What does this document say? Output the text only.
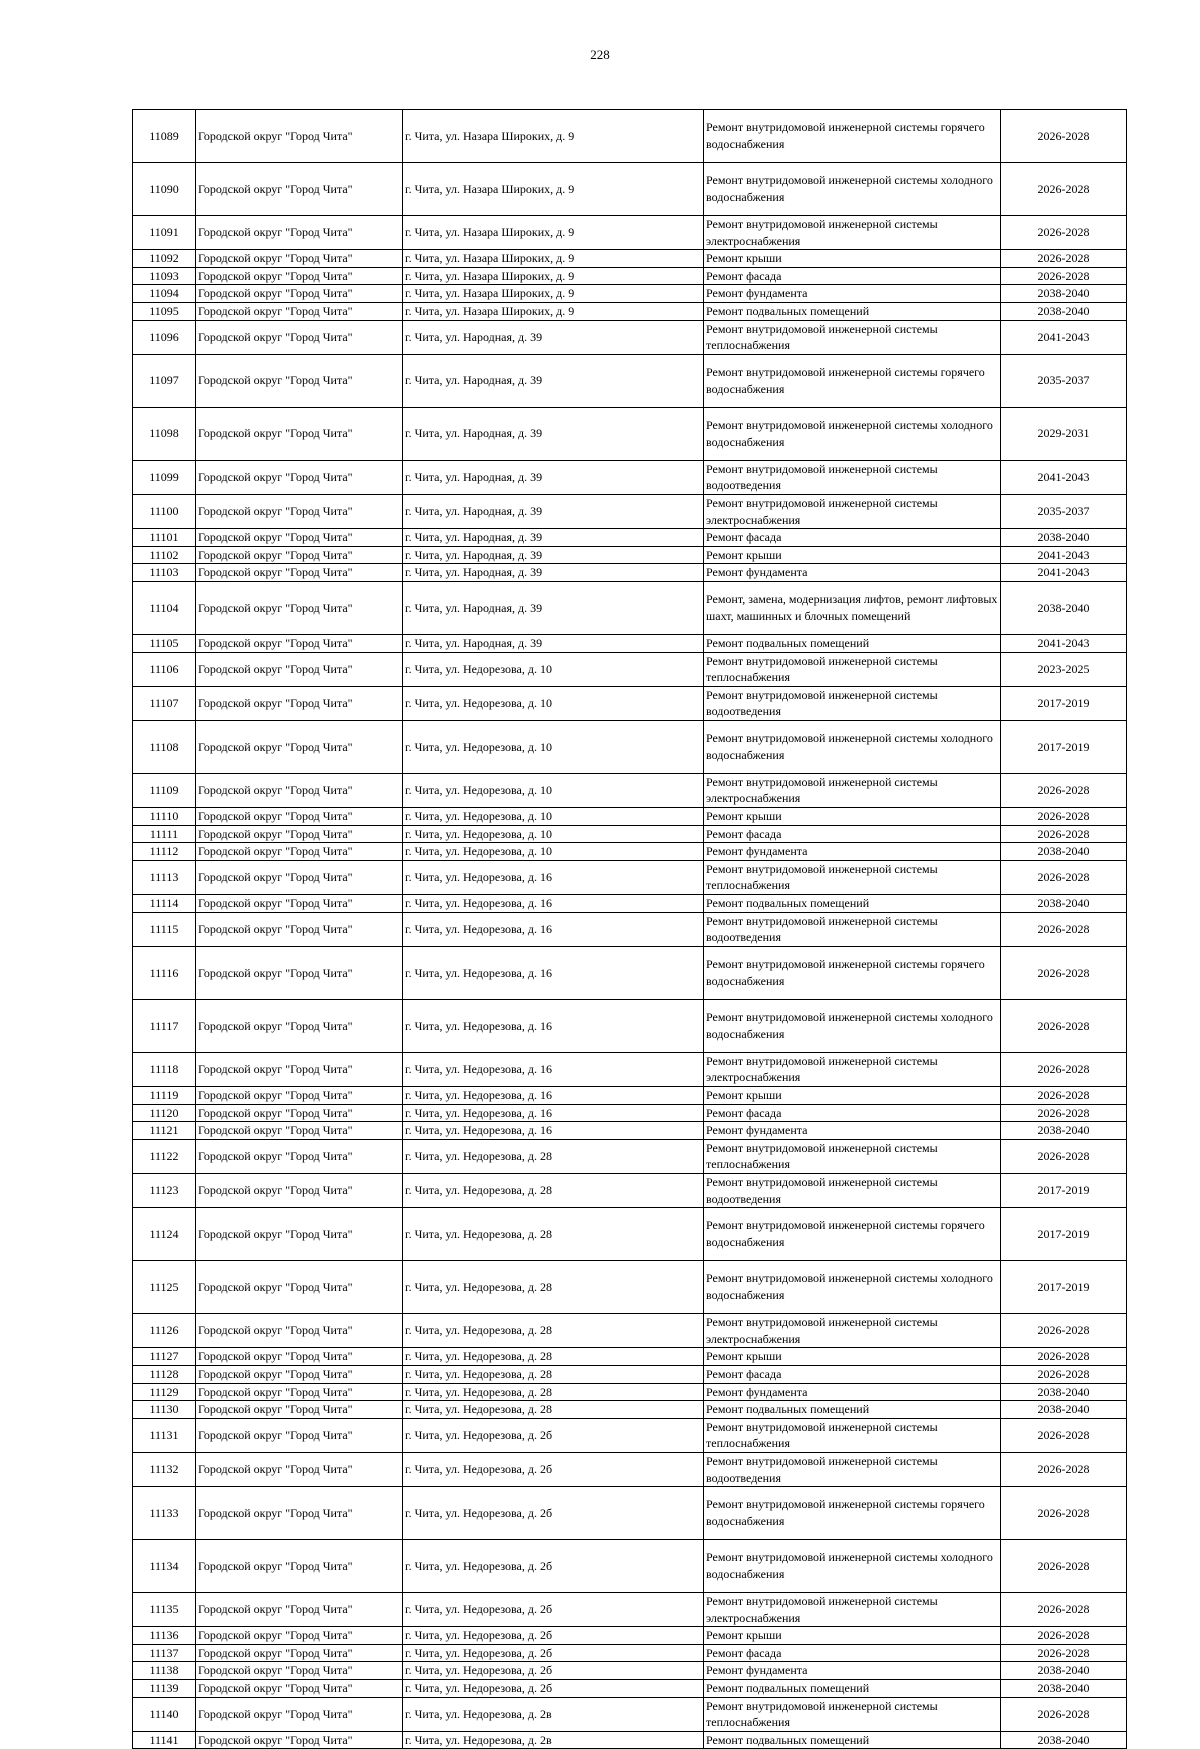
228
11089	Городской округ "Город Чита"	г. Чита, ул. Назара Широких, д. 9	Ремонт внутридомовой инженерной системы горячего водоснабжения	2026-2028
11090	Городской округ "Город Чита"	г. Чита, ул. Назара Широких, д. 9	Ремонт внутридомовой инженерной системы холодного водоснабжения	2026-2028
11091	Городской округ "Город Чита"	г. Чита, ул. Назара Широких, д. 9	Ремонт внутридомовой инженерной системы электроснабжения	2026-2028
11092	Городской округ "Город Чита"	г. Чита, ул. Назара Широких, д. 9	Ремонт крыши	2026-2028
11093	Городской округ "Город Чита"	г. Чита, ул. Назара Широких, д. 9	Ремонт фасада	2026-2028
11094	Городской округ "Город Чита"	г. Чита, ул. Назара Широких, д. 9	Ремонт фундамента	2038-2040
11095	Городской округ "Город Чита"	г. Чита, ул. Назара Широких, д. 9	Ремонт подвальных помещений	2038-2040
11096	Городской округ "Город Чита"	г. Чита, ул. Народная, д. 39	Ремонт внутридомовой инженерной системы теплоснабжения	2041-2043
11097	Городской округ "Город Чита"	г. Чита, ул. Народная, д. 39	Ремонт внутридомовой инженерной системы горячего водоснабжения	2035-2037
11098	Городской округ "Город Чита"	г. Чита, ул. Народная, д. 39	Ремонт внутридомовой инженерной системы холодного водоснабжения	2029-2031
11099	Городской округ "Город Чита"	г. Чита, ул. Народная, д. 39	Ремонт внутридомовой инженерной системы водоотведения	2041-2043
11100	Городской округ "Город Чита"	г. Чита, ул. Народная, д. 39	Ремонт внутридомовой инженерной системы электроснабжения	2035-2037
11101	Городской округ "Город Чита"	г. Чита, ул. Народная, д. 39	Ремонт фасада	2038-2040
11102	Городской округ "Город Чита"	г. Чита, ул. Народная, д. 39	Ремонт крыши	2041-2043
11103	Городской округ "Город Чита"	г. Чита, ул. Народная, д. 39	Ремонт фундамента	2041-2043
11104	Городской округ "Город Чита"	г. Чита, ул. Народная, д. 39	Ремонт, замена, модернизация лифтов, ремонт лифтовых шахт, машинных и блочных помещений	2038-2040
11105	Городской округ "Город Чита"	г. Чита, ул. Народная, д. 39	Ремонт подвальных помещений	2041-2043
11106	Городской округ "Город Чита"	г. Чита, ул. Недорезова, д. 10	Ремонт внутридомовой инженерной системы теплоснабжения	2023-2025
11107	Городской округ "Город Чита"	г. Чита, ул. Недорезова, д. 10	Ремонт внутридомовой инженерной системы водоотведения	2017-2019
11108	Городской округ "Город Чита"	г. Чита, ул. Недорезова, д. 10	Ремонт внутридомовой инженерной системы холодного водоснабжения	2017-2019
11109	Городской округ "Город Чита"	г. Чита, ул. Недорезова, д. 10	Ремонт внутридомовой инженерной системы электроснабжения	2026-2028
11110	Городской округ "Город Чита"	г. Чита, ул. Недорезова, д. 10	Ремонт крыши	2026-2028
11111	Городской округ "Город Чита"	г. Чита, ул. Недорезова, д. 10	Ремонт фасада	2026-2028
11112	Городской округ "Город Чита"	г. Чита, ул. Недорезова, д. 10	Ремонт фундамента	2038-2040
11113	Городской округ "Город Чита"	г. Чита, ул. Недорезова, д. 16	Ремонт внутридомовой инженерной системы теплоснабжения	2026-2028
11114	Городской округ "Город Чита"	г. Чита, ул. Недорезова, д. 16	Ремонт подвальных помещений	2038-2040
11115	Городской округ "Город Чита"	г. Чита, ул. Недорезова, д. 16	Ремонт внутридомовой инженерной системы водоотведения	2026-2028
11116	Городской округ "Город Чита"	г. Чита, ул. Недорезова, д. 16	Ремонт внутридомовой инженерной системы горячего водоснабжения	2026-2028
11117	Городской округ "Город Чита"	г. Чита, ул. Недорезова, д. 16	Ремонт внутридомовой инженерной системы холодного водоснабжения	2026-2028
11118	Городской округ "Город Чита"	г. Чита, ул. Недорезова, д. 16	Ремонт внутридомовой инженерной системы электроснабжения	2026-2028
11119	Городской округ "Город Чита"	г. Чита, ул. Недорезова, д. 16	Ремонт крыши	2026-2028
11120	Городской округ "Город Чита"	г. Чита, ул. Недорезова, д. 16	Ремонт фасада	2026-2028
11121	Городской округ "Город Чита"	г. Чита, ул. Недорезова, д. 16	Ремонт фундамента	2038-2040
11122	Городской округ "Город Чита"	г. Чита, ул. Недорезова, д. 28	Ремонт внутридомовой инженерной системы теплоснабжения	2026-2028
11123	Городской округ "Город Чита"	г. Чита, ул. Недорезова, д. 28	Ремонт внутридомовой инженерной системы водоотведения	2017-2019
11124	Городской округ "Город Чита"	г. Чита, ул. Недорезова, д. 28	Ремонт внутридомовой инженерной системы горячего водоснабжения	2017-2019
11125	Городской округ "Город Чита"	г. Чита, ул. Недорезова, д. 28	Ремонт внутридомовой инженерной системы холодного водоснабжения	2017-2019
11126	Городской округ "Город Чита"	г. Чита, ул. Недорезова, д. 28	Ремонт внутридомовой инженерной системы электроснабжения	2026-2028
11127	Городской округ "Город Чита"	г. Чита, ул. Недорезова, д. 28	Ремонт крыши	2026-2028
11128	Городской округ "Город Чита"	г. Чита, ул. Недорезова, д. 28	Ремонт фасада	2026-2028
11129	Городской округ "Город Чита"	г. Чита, ул. Недорезова, д. 28	Ремонт фундамента	2038-2040
11130	Городской округ "Город Чита"	г. Чита, ул. Недорезова, д. 28	Ремонт подвальных помещений	2038-2040
11131	Городской округ "Город Чита"	г. Чита, ул. Недорезова, д. 2б	Ремонт внутридомовой инженерной системы теплоснабжения	2026-2028
11132	Городской округ "Город Чита"	г. Чита, ул. Недорезова, д. 2б	Ремонт внутридомовой инженерной системы водоотведения	2026-2028
11133	Городской округ "Город Чита"	г. Чита, ул. Недорезова, д. 2б	Ремонт внутридомовой инженерной системы горячего водоснабжения	2026-2028
11134	Городской округ "Город Чита"	г. Чита, ул. Недорезова, д. 2б	Ремонт внутридомовой инженерной системы холодного водоснабжения	2026-2028
11135	Городской округ "Город Чита"	г. Чита, ул. Недорезова, д. 2б	Ремонт внутридомовой инженерной системы электроснабжения	2026-2028
11136	Городской округ "Город Чита"	г. Чита, ул. Недорезова, д. 2б	Ремонт крыши	2026-2028
11137	Городской округ "Город Чита"	г. Чита, ул. Недорезова, д. 2б	Ремонт фасада	2026-2028
11138	Городской округ "Город Чита"	г. Чита, ул. Недорезова, д. 2б	Ремонт фундамента	2038-2040
11139	Городской округ "Город Чита"	г. Чита, ул. Недорезова, д. 2б	Ремонт подвальных помещений	2038-2040
11140	Городской округ "Город Чита"	г. Чита, ул. Недорезова, д. 2в	Ремонт внутридомовой инженерной системы теплоснабжения	2026-2028
11141	Городской округ "Город Чита"	г. Чита, ул. Недорезова, д. 2в	Ремонт подвальных помещений	2038-2040
